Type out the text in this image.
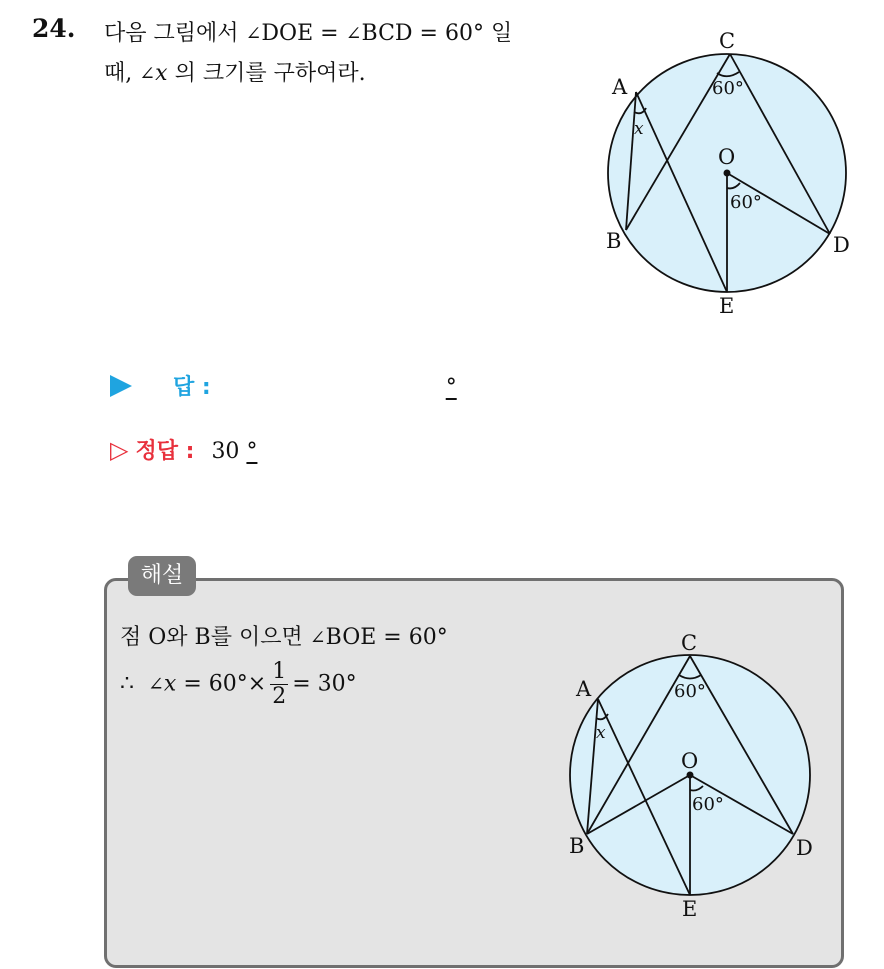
24. 다음 그림에서 ∠DOE = ∠BCD = 60° 일
때, ∠x 의 크기를 구하여라.
C
A
O
B	D
E
60°
60°
x
답 :	°
▷ 정답 : 30 °
해설
점 O와 B를 이으면 ∠BOE = 60°
∴ ∠x = $60^\circ\times \frac{1}{2} = 30^\circ$
C
A
O
B	D
E
60°
60°
x
